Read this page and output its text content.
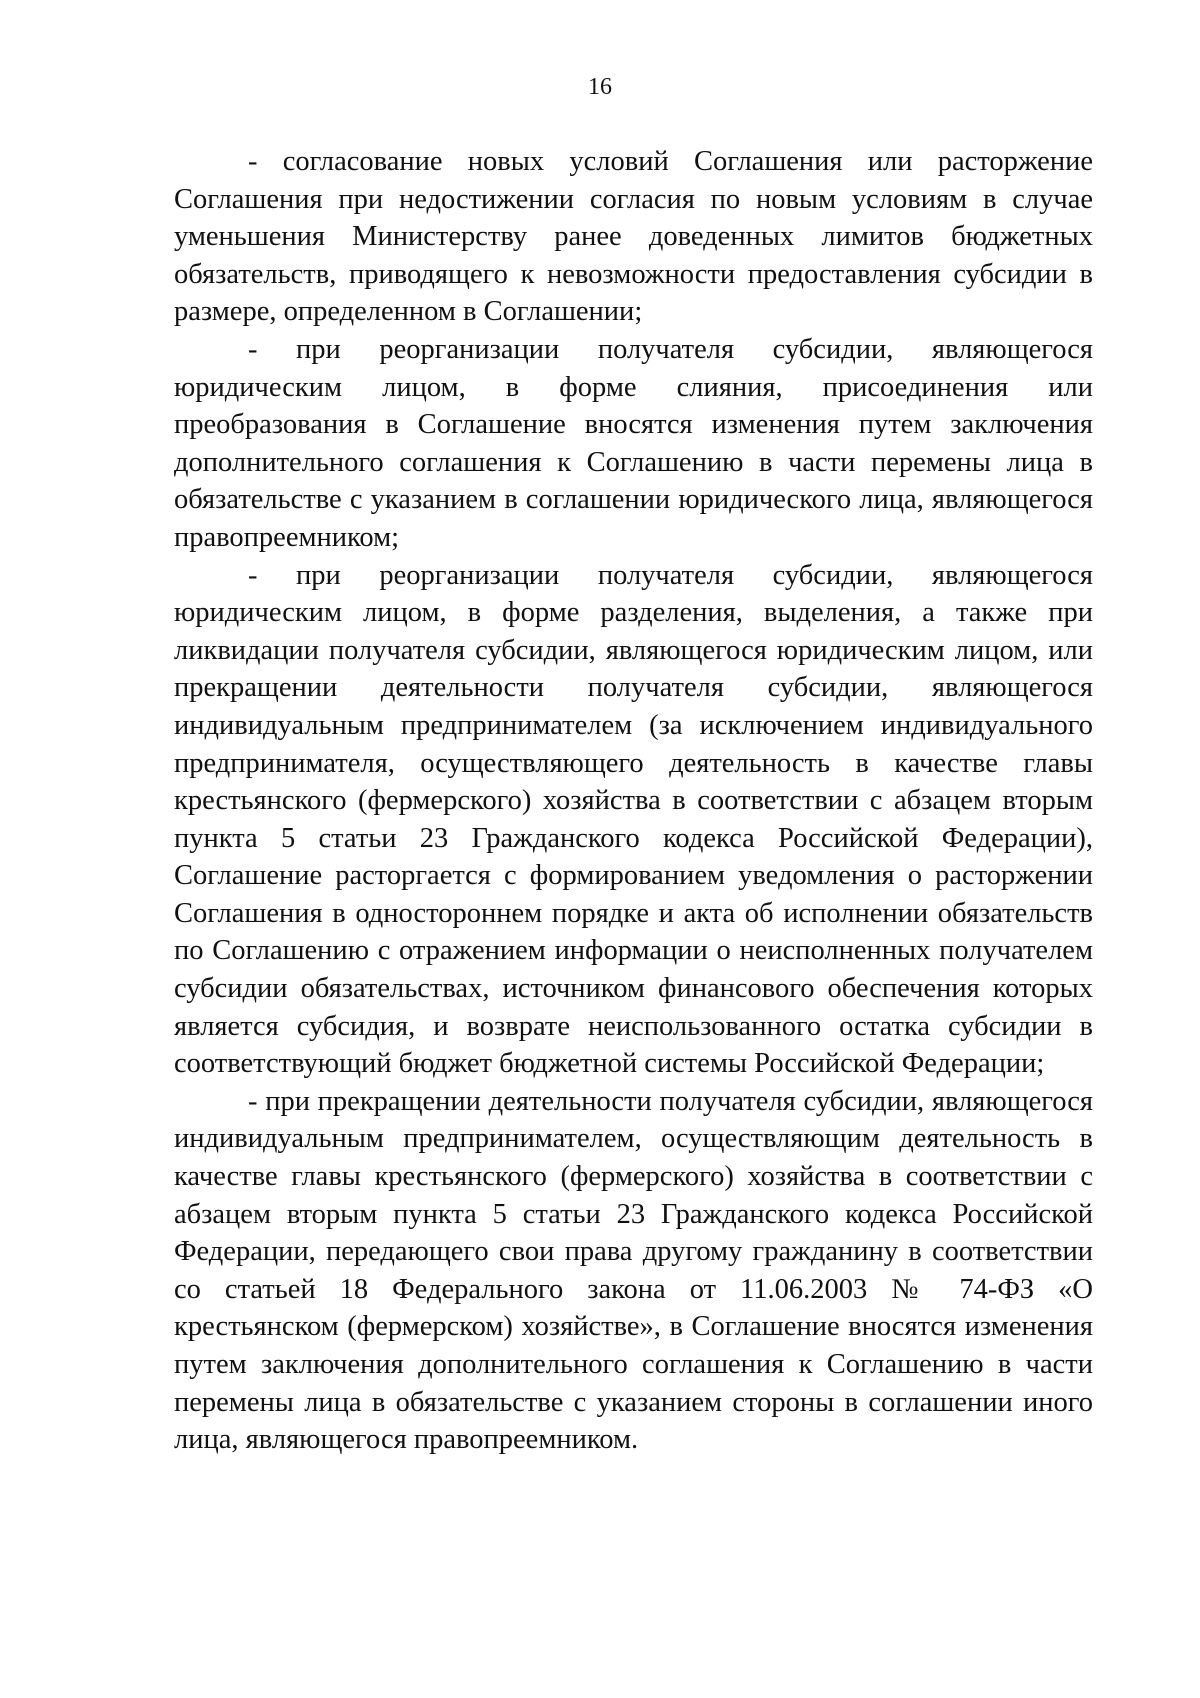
16

- согласование новых условий Соглашения или расторжение Соглашения при недостижении согласия по новым условиям в случае уменьшения Министерству ранее доведенных лимитов бюджетных обязательств, приводящего к невозможности предоставления субсидии в размере, определенном в Соглашении;

- при реорганизации получателя субсидии, являющегося юридическим лицом, в форме слияния, присоединения или преобразования в Соглашение вносятся изменения путем заключения дополнительного соглашения к Соглашению в части перемены лица в обязательстве с указанием в соглашении юридического лица, являющегося правопреемником;

- при реорганизации получателя субсидии, являющегося юридическим лицом, в форме разделения, выделения, а также при ликвидации получателя субсидии, являющегося юридическим лицом, или прекращении деятельности получателя субсидии, являющегося индивидуальным предпринимателем (за исключением индивидуального предпринимателя, осуществляющего деятельность в качестве главы крестьянского (фермерского) хозяйства в соответствии с абзацем вторым пункта 5 статьи 23 Гражданского кодекса Российской Федерации), Соглашение расторгается с формированием уведомления о расторжении Соглашения в одностороннем порядке и акта об исполнении обязательств по Соглашению с отражением информации о неисполненных получателем субсидии обязательствах, источником финансового обеспечения которых является субсидия, и возврате неиспользованного остатка субсидии в соответствующий бюджет бюджетной системы Российской Федерации;

- при прекращении деятельности получателя субсидии, являющегося индивидуальным предпринимателем, осуществляющим деятельность в качестве главы крестьянского (фермерского) хозяйства в соответствии с абзацем вторым пункта 5 статьи 23 Гражданского кодекса Российской Федерации, передающего свои права другому гражданину в соответствии со статьей 18 Федерального закона от 11.06.2003 № 74-ФЗ «О крестьянском (фермерском) хозяйстве», в Соглашение вносятся изменения путем заключения дополнительного соглашения к Соглашению в части перемены лица в обязательстве с указанием стороны в соглашении иного лица, являющегося правопреемником.
